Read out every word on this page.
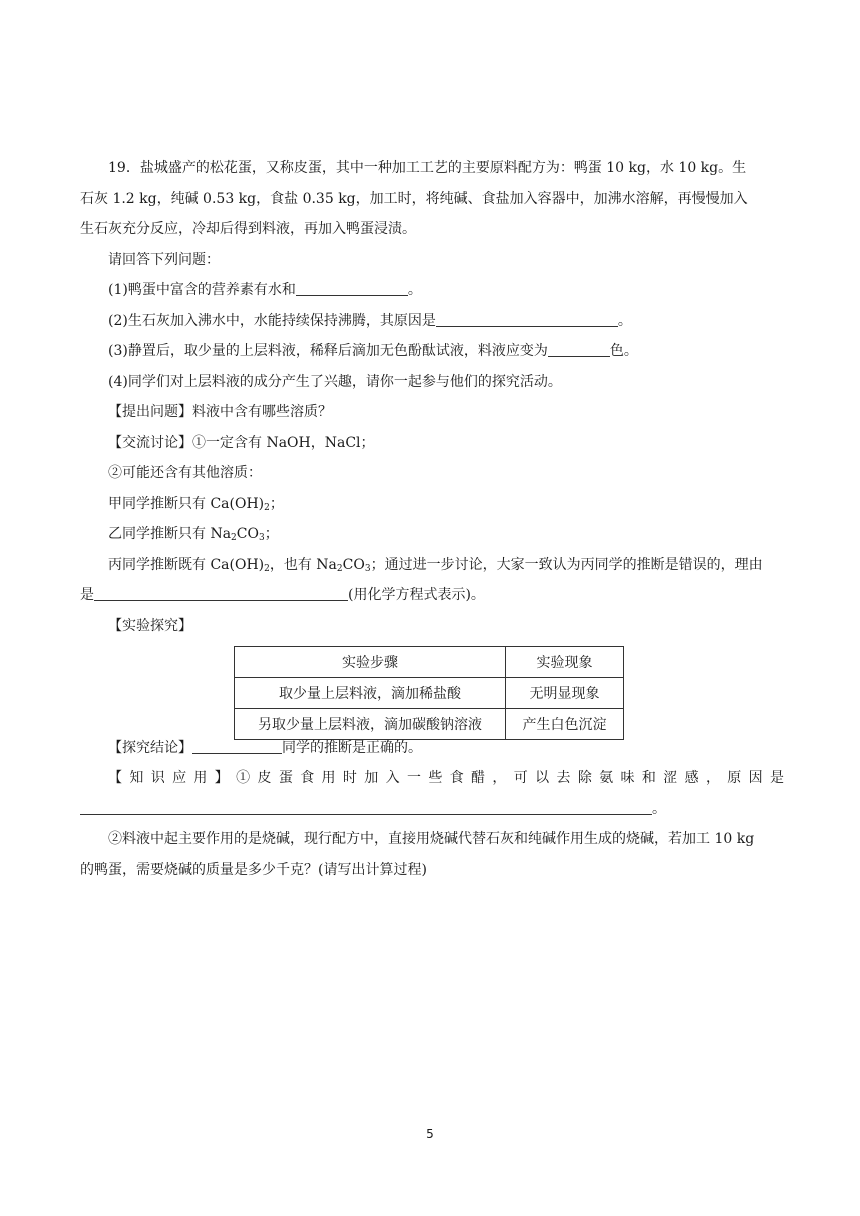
19．盐城盛产的松花蛋，又称皮蛋，其中一种加工工艺的主要原料配方为：鸭蛋 10 kg，水 10 kg。生
石灰 1.2 kg，纯碱 0.53 kg，食盐 0.35 kg，加工时，将纯碱、食盐加入容器中，加沸水溶解，再慢慢加入
生石灰充分反应，冷却后得到料液，再加入鸭蛋浸渍。
请回答下列问题：
(1)鸭蛋中富含的营养素有水和	。
(2)生石灰加入沸水中，水能持续保持沸腾，其原因是	。
(3)静置后，取少量的上层料液，稀释后滴加无色酚酞试液，料液应变为	色。
(4)同学们对上层料液的成分产生了兴趣，请你一起参与他们的探究活动。
【提出问题】料液中含有哪些溶质？
【交流讨论】①一定含有 NaOH，NaCl；
②可能还含有其他溶质：
甲同学推断只有 $Ca(OH)_2$；
乙同学推断只有 $Na_2CO_3$；
丙同学推断既有 $Ca(OH)_2$，也有 $Na_2CO_3$；通过进一步讨论，大家一致认为丙同学的推断是错误的，理由
是	(用化学方程式表示)。
【实验探究】
实验步骤	实验现象
取少量上层料液，滴加稀盐酸	无明显现象
另取少量上层料液，滴加碳酸钠溶液	产生白色沉淀
【探究结论】	同学的推断是正确的。
【知识应用】①皮蛋食用时加入一些食醋，可以去除氨味和涩感，原因是
。
②料液中起主要作用的是烧碱，现行配方中，直接用烧碱代替石灰和纯碱作用生成的烧碱，若加工 10 kg
的鸭蛋，需要烧碱的质量是多少千克？(请写出计算过程)
5
